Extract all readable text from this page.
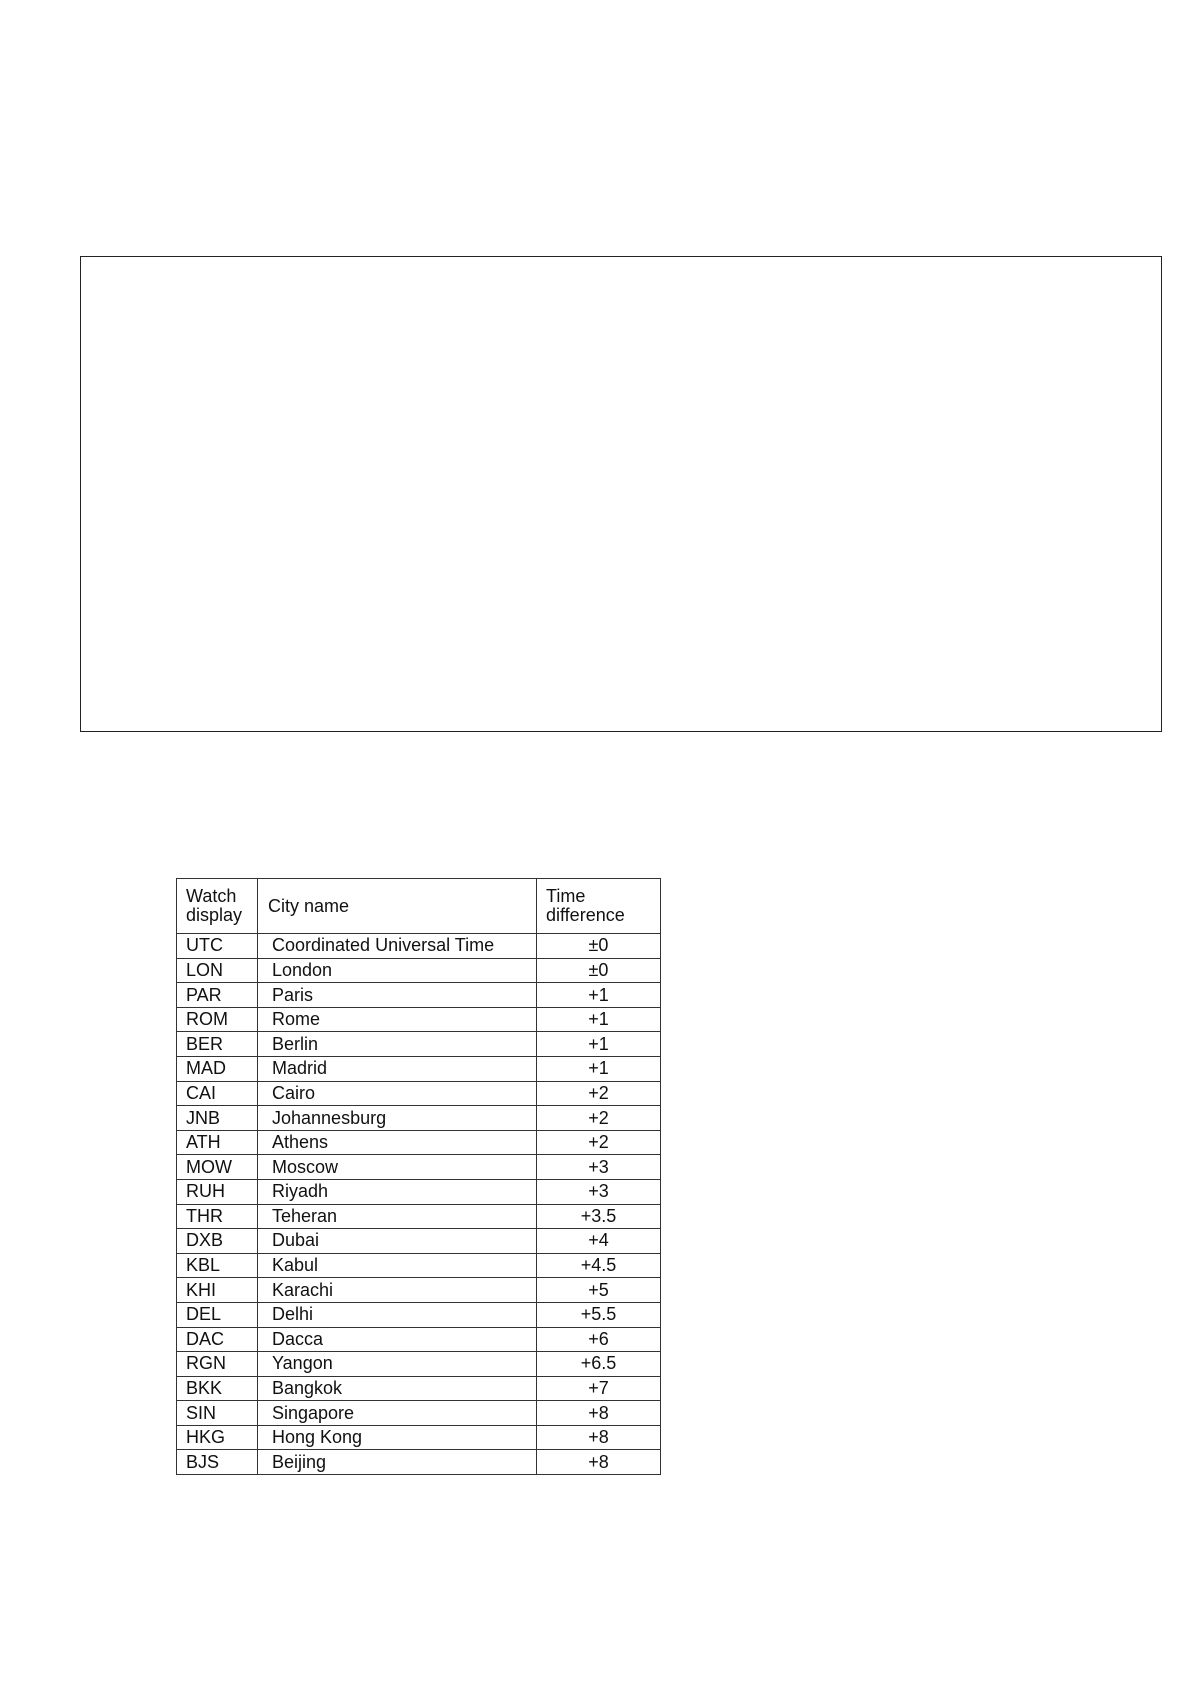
Watch display	City name	Time difference
UTC	Coordinated Universal Time	±0
LON	London	±0
PAR	Paris	+1
ROM	Rome	+1
BER	Berlin	+1
MAD	Madrid	+1
CAI	Cairo	+2
JNB	Johannesburg	+2
ATH	Athens	+2
MOW	Moscow	+3
RUH	Riyadh	+3
THR	Teheran	+3.5
DXB	Dubai	+4
KBL	Kabul	+4.5
KHI	Karachi	+5
DEL	Delhi	+5.5
DAC	Dacca	+6
RGN	Yangon	+6.5
BKK	Bangkok	+7
SIN	Singapore	+8
HKG	Hong Kong	+8
BJS	Beijing	+8
